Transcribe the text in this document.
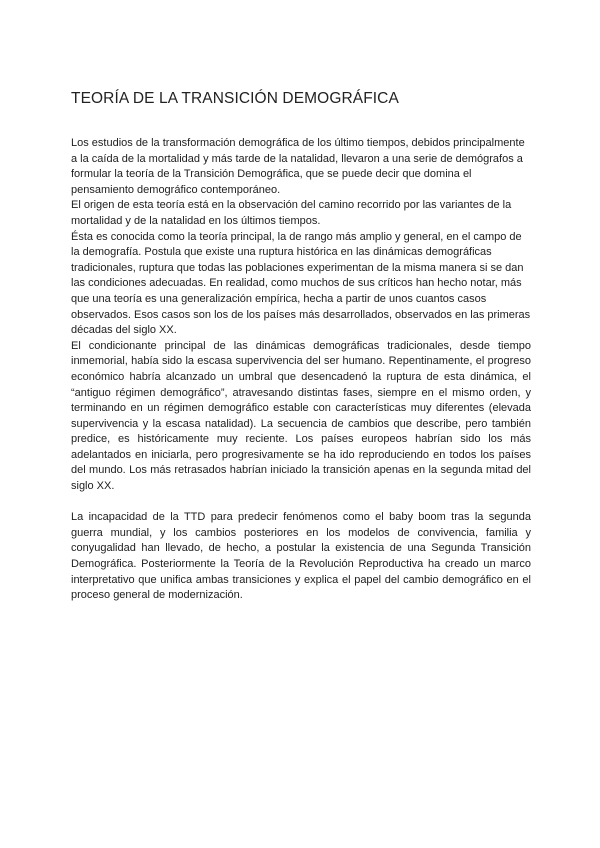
TEORÍA DE LA TRANSICIÓN DEMOGRÁFICA

Los estudios de la transformación demográfica de los último tiempos, debidos principalmente a la caída de la mortalidad y más tarde de la natalidad, llevaron a una serie de demógrafos a formular la teoría de la Transición Demográfica, que se puede decir que domina el pensamiento demográfico contemporáneo.

El origen de esta teoría está en la observación del camino recorrido por las variantes de la mortalidad y de la natalidad en los últimos tiempos.

Ésta es conocida como la teoría principal, la de rango más amplio y general, en el campo de la demografía. Postula que existe una ruptura histórica en las dinámicas demográficas tradicionales, ruptura que todas las poblaciones experimentan de la misma manera si se dan las condiciones adecuadas. En realidad, como muchos de sus críticos han hecho notar, más que una teoría es una generalización empírica, hecha a partir de unos cuantos casos observados. Esos casos son los de los países más desarrollados, observados en las primeras décadas del siglo XX.

El condicionante principal de las dinámicas demográficas tradicionales, desde tiempo inmemorial, había sido la escasa supervivencia del ser humano. Repentinamente, el progreso económico habría alcanzado un umbral que desencadenó la ruptura de esta dinámica, el “antiguo régimen demográfico”, atravesando distintas fases, siempre en el mismo orden, y terminando en un régimen demográfico estable con características muy diferentes (elevada supervivencia y la escasa natalidad). La secuencia de cambios que describe, pero también predice, es históricamente muy reciente. Los países europeos habrían sido los más adelantados en iniciarla, pero progresivamente se ha ido reproduciendo en todos los países del mundo. Los más retrasados habrían iniciado la transición apenas en la segunda mitad del siglo XX.

La incapacidad de la TTD para predecir fenómenos como el baby boom tras la segunda guerra mundial, y los cambios posteriores en los modelos de convivencia, familia y conyugalidad han llevado, de hecho, a postular la existencia de una Segunda Transición Demográfica. Posteriormente la Teoría de la Revolución Reproductiva ha creado un marco interpretativo que unifica ambas transiciones y explica el papel del cambio demográfico en el proceso general de modernización.
